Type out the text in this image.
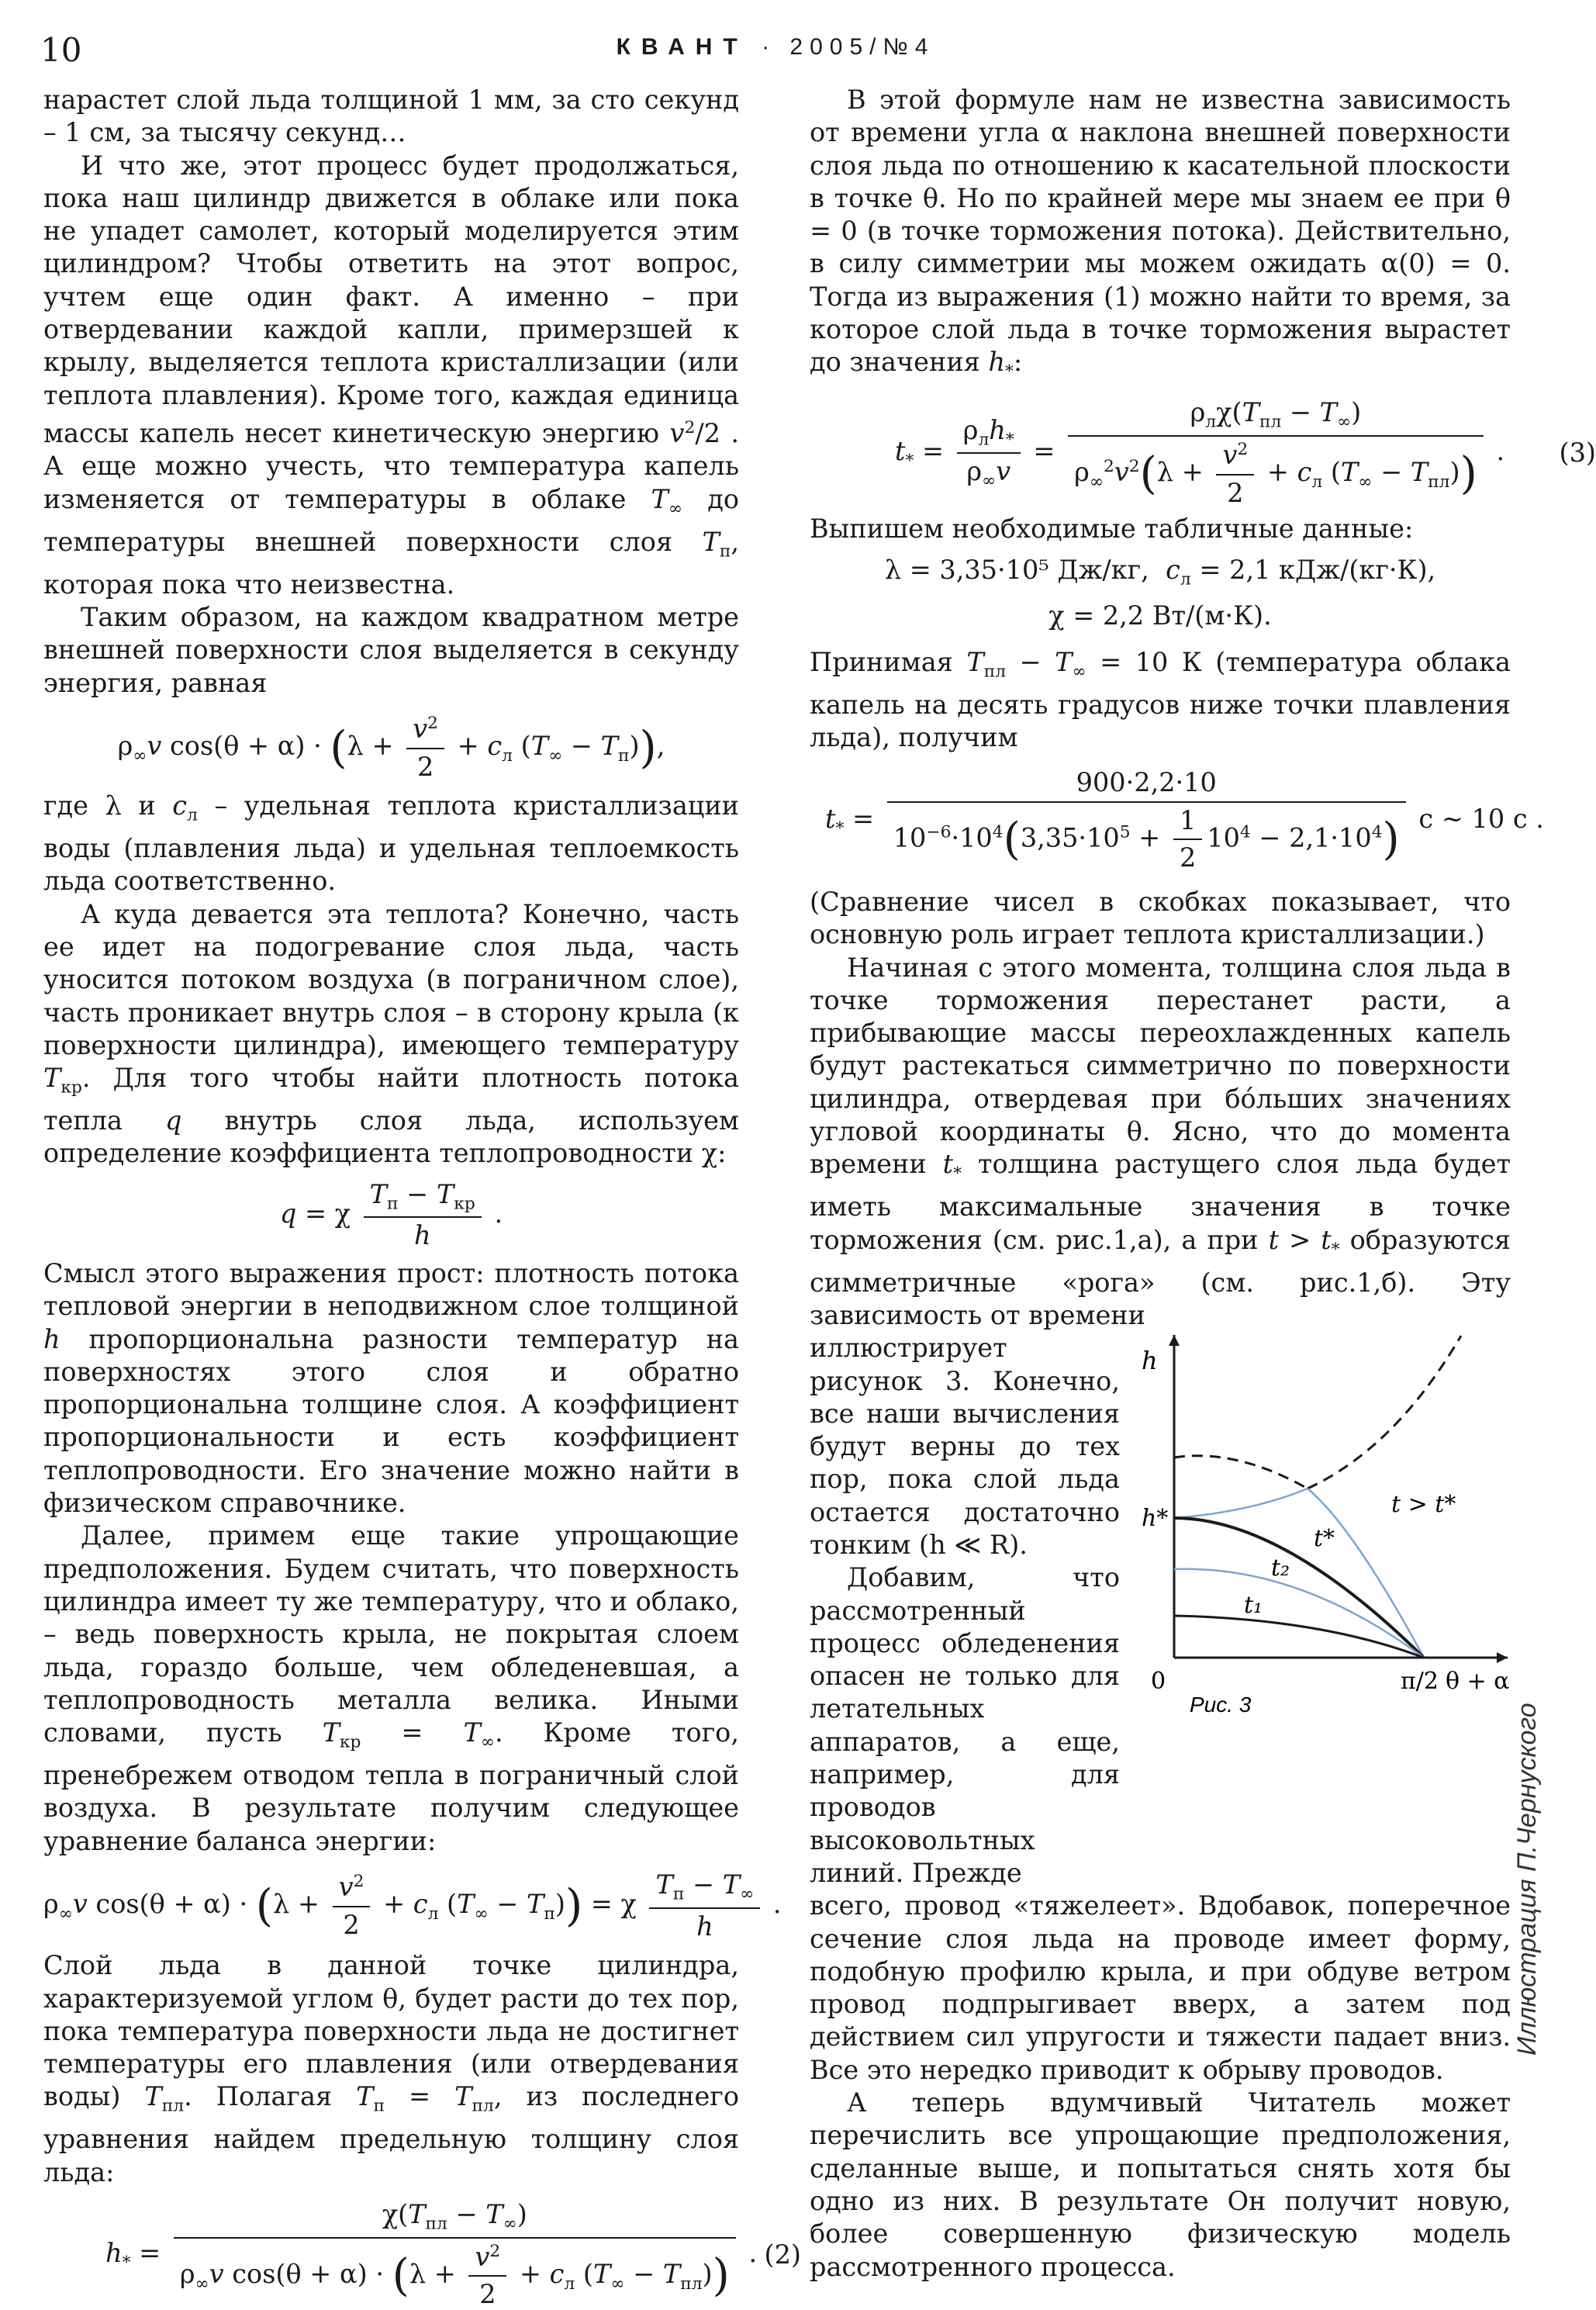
10	КВАНТ · 2005/№4

нарастет слой льда толщиной 1 мм, за сто секунд – 1 см, за тысячу секунд…

И что же, этот процесс будет продолжаться, пока наш цилиндр движется в облаке или пока не упадет самолет, который моделируется этим цилиндром? Чтобы ответить на этот вопрос, учтем еще один факт. А именно – при отвердевании каждой капли, примерзшей к крылу, выделяется теплота кристаллизации (или теплота плавления). Кроме того, каждая единица массы капель несет кинетическую энергию $v^2/2$ . А еще можно учесть, что температура капель изменяется от температуры в облаке $T_\infty$ до температуры внешней поверхности слоя $T_п$, которая пока что неизвестна.

Таким образом, на каждом квадратном метре внешней поверхности слоя выделяется в секунду энергия, равная

$\rho_\infty v$ $\cos(\theta + \alpha) \cdot (\lambda + \frac{v^2}{2} + c_л$ $(T_\infty - T_п)$),

где λ и $c_л$ – удельная теплота кристаллизации воды (плавления льда) и удельная теплоемкость льда соответственно.

А куда девается эта теплота? Конечно, часть ее идет на подогревание слоя льда, часть уносится потоком воздуха (в пограничном слое), часть проникает внутрь слоя – в сторону крыла (к поверхности цилиндра), имеющего температуру $T_{кр}$. Для того чтобы найти плотность потока тепла q внутрь слоя льда, используем определение коэффициента теплопроводности χ:

q = χ $\frac{T_п - T_{кр}}{h}$ .

Смысл этого выражения прост: плотность потока тепловой энергии в неподвижном слое толщиной h пропорциональна разности температур на поверхностях этого слоя и обратно пропорциональна толщине слоя. А коэффициент пропорциональности и есть коэффициент теплопроводности. Его значение можно найти в физическом справочнике.

Далее, примем еще такие упрощающие предположения. Будем считать, что поверхность цилиндра имеет ту же температуру, что и облако, – ведь поверхность крыла, не покрытая слоем льда, гораздо больше, чем обледеневшая, а теплопроводность металла велика. Иными словами, пусть $T_{кр} = T_\infty$. Кроме того, пренебрежем отводом тепла в пограничный слой воздуха. В результате получим следующее уравнение баланса энергии:

$\rho_\infty v$ $\cos(\theta + \alpha) \cdot (\lambda + \frac{v^2}{2} + c_л$ $(T_\infty - T_п)) = \chi \frac{T_п - T_\infty}{h}$ .

Слой льда в данной точке цилиндра, характеризуемой углом θ, будет расти до тех пор, пока температура поверхности льда не достигнет температуры его плавления (или отвердевания воды) $T_{пл}$. Полагая $T_п = T_{пл}$, из последнего уравнения найдем предельную толщину слоя льда:

$h_* = \frac{\chi(T_{пл} - T_\infty)}{\rho_\infty v \cos(\theta + \alpha) \cdot (\lambda + \frac{v^2}{2} + c_л (T_\infty - T_{пл}))}$ . (2)

В этой формуле нам не известна зависимость от времени угла α наклона внешней поверхности слоя льда по отношению к касательной плоскости в точке θ. Но по крайней мере мы знаем ее при θ = 0 (в точке торможения потока). Действительно, в силу симметрии мы можем ожидать α(0) = 0. Тогда из выражения (1) можно найти то время, за которое слой льда в точке торможения вырастет до значения $h_*$:

$t_* = \frac{\rho_лh_*}{\rho_\infty v} = \frac{\rho_л\chi(T_{пл} - T_\infty)}{\rho_\infty^2v^2(\lambda + \frac{v^2}{2} + c_л (T_\infty - T_{пл}))}$ . (3)

Выпишем необходимые табличные данные:

λ = 3,35·10⁵ Дж/кг, $c_л = 2,1$ кДж/(кг·К),
χ = 2,2 Вт/(м·К).

Принимая $T_{пл} - T_\infty = 10$ К (температура облака капель на десять градусов ниже точки плавления льда), получим

$t_* = \frac{900\cdot 2,2\cdot 10}{10^{-6}\cdot 10^4(3,35\cdot 10^5 + \frac{1}{2} 10^4 - 2,1\cdot 10^4)}$ с ~ 10 с .

(Сравнение чисел в скобках показывает, что основную роль играет теплота кристаллизации.)

Начиная с этого момента, толщина слоя льда в точке торможения перестанет расти, а прибывающие массы переохлажденных капель будут растекаться симметрично по поверхности цилиндра, отвердевая при бóльших значениях угловой координаты θ. Ясно, что до момента времени $t_*$ толщина растущего слоя льда будет иметь максимальные значения в точке торможения (см. рис.1,а), а при $t > t_*$ образуются симметричные «рога» (см. рис.1,б). Эту зависимость от времени

иллюстрирует рисунок 3. Конечно, все наши вычисления будут верны до тех пор, пока слой льда остается достаточно тонким (h ≪ R).

Добавим, что рассмотренный процесс обледенения опасен не только для летательных аппаратов, а еще, например, для проводов высоковольтных линий. Прежде

h
h*
0	π/2 θ + α
t > t*
t*
t₂
t₁
Рис. 3

всего, провод «тяжелеет». Вдобавок, поперечное сечение слоя льда на проводе имеет форму, подобную профилю крыла, и при обдуве ветром провод подпрыгивает вверх, а затем под действием сил упругости и тяжести падает вниз. Все это нередко приводит к обрыву проводов.

А теперь вдумчивый Читатель может перечислить все упрощающие предположения, сделанные выше, и попытаться снять хотя бы одно из них. В результате Он получит новую, более совершенную физическую модель рассмотренного процесса.

Иллюстрация П.Чернуского
